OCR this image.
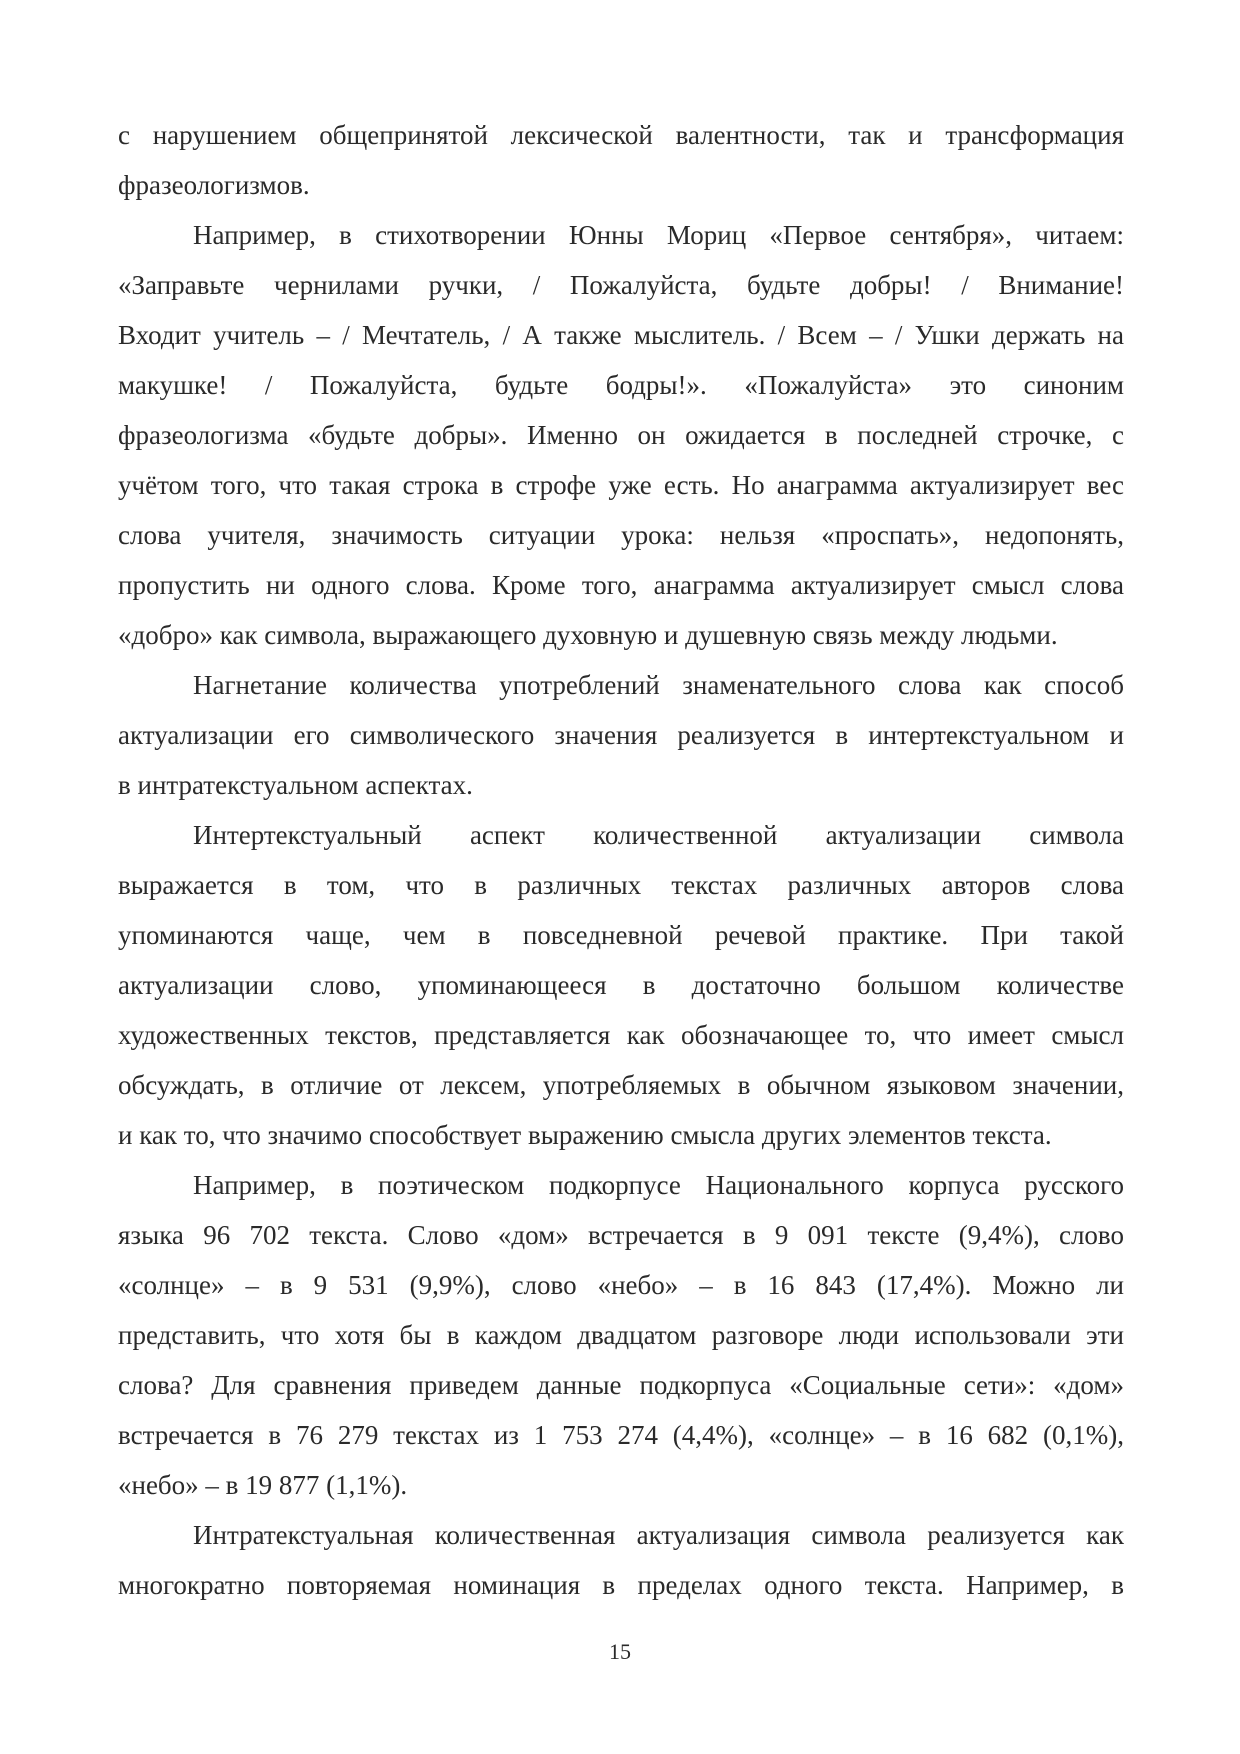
с нарушением общепринятой лексической валентности, так и трансформация
фразеологизмов.
Например, в стихотворении Юнны Мориц «Первое сентября», читаем:
«Заправьте чернилами ручки, / Пожалуйста, будьте добры! / Внимание!
Входит учитель – / Мечтатель, / А также мыслитель. / Всем – / Ушки держать на
макушке! / Пожалуйста, будьте бодры!». «Пожалуйста» это синоним
фразеологизма «будьте добры». Именно он ожидается в последней строчке, с
учётом того, что такая строка в строфе уже есть. Но анаграмма актуализирует вес
слова учителя, значимость ситуации урока: нельзя «проспать», недопонять,
пропустить ни одного слова. Кроме того, анаграмма актуализирует смысл слова
«добро» как символа, выражающего духовную и душевную связь между людьми.
Нагнетание количества употреблений знаменательного слова как способ
актуализации его символического значения реализуется в интертекстуальном и
в интратекстуальном аспектах.
Интертекстуальный аспект количественной актуализации символа
выражается в том, что в различных текстах различных авторов слова
упоминаются чаще, чем в повседневной речевой практике. При такой
актуализации слово, упоминающееся в достаточно большом количестве
художественных текстов, представляется как обозначающее то, что имеет смысл
обсуждать, в отличие от лексем, употребляемых в обычном языковом значении,
и как то, что значимо способствует выражению смысла других элементов текста.
Например, в поэтическом подкорпусе Национального корпуса русского
языка 96 702 текста. Слово «дом» встречается в 9 091 тексте (9,4%), слово
«солнце» – в 9 531 (9,9%), слово «небо» – в 16 843 (17,4%). Можно ли
представить, что хотя бы в каждом двадцатом разговоре люди использовали эти
слова? Для сравнения приведем данные подкорпуса «Социальные сети»: «дом»
встречается в 76 279 текстах из 1 753 274 (4,4%), «солнце» – в 16 682 (0,1%),
«небо» – в 19 877 (1,1%).
Интратекстуальная количественная актуализация символа реализуется как
многократно повторяемая номинация в пределах одного текста. Например, в
15
